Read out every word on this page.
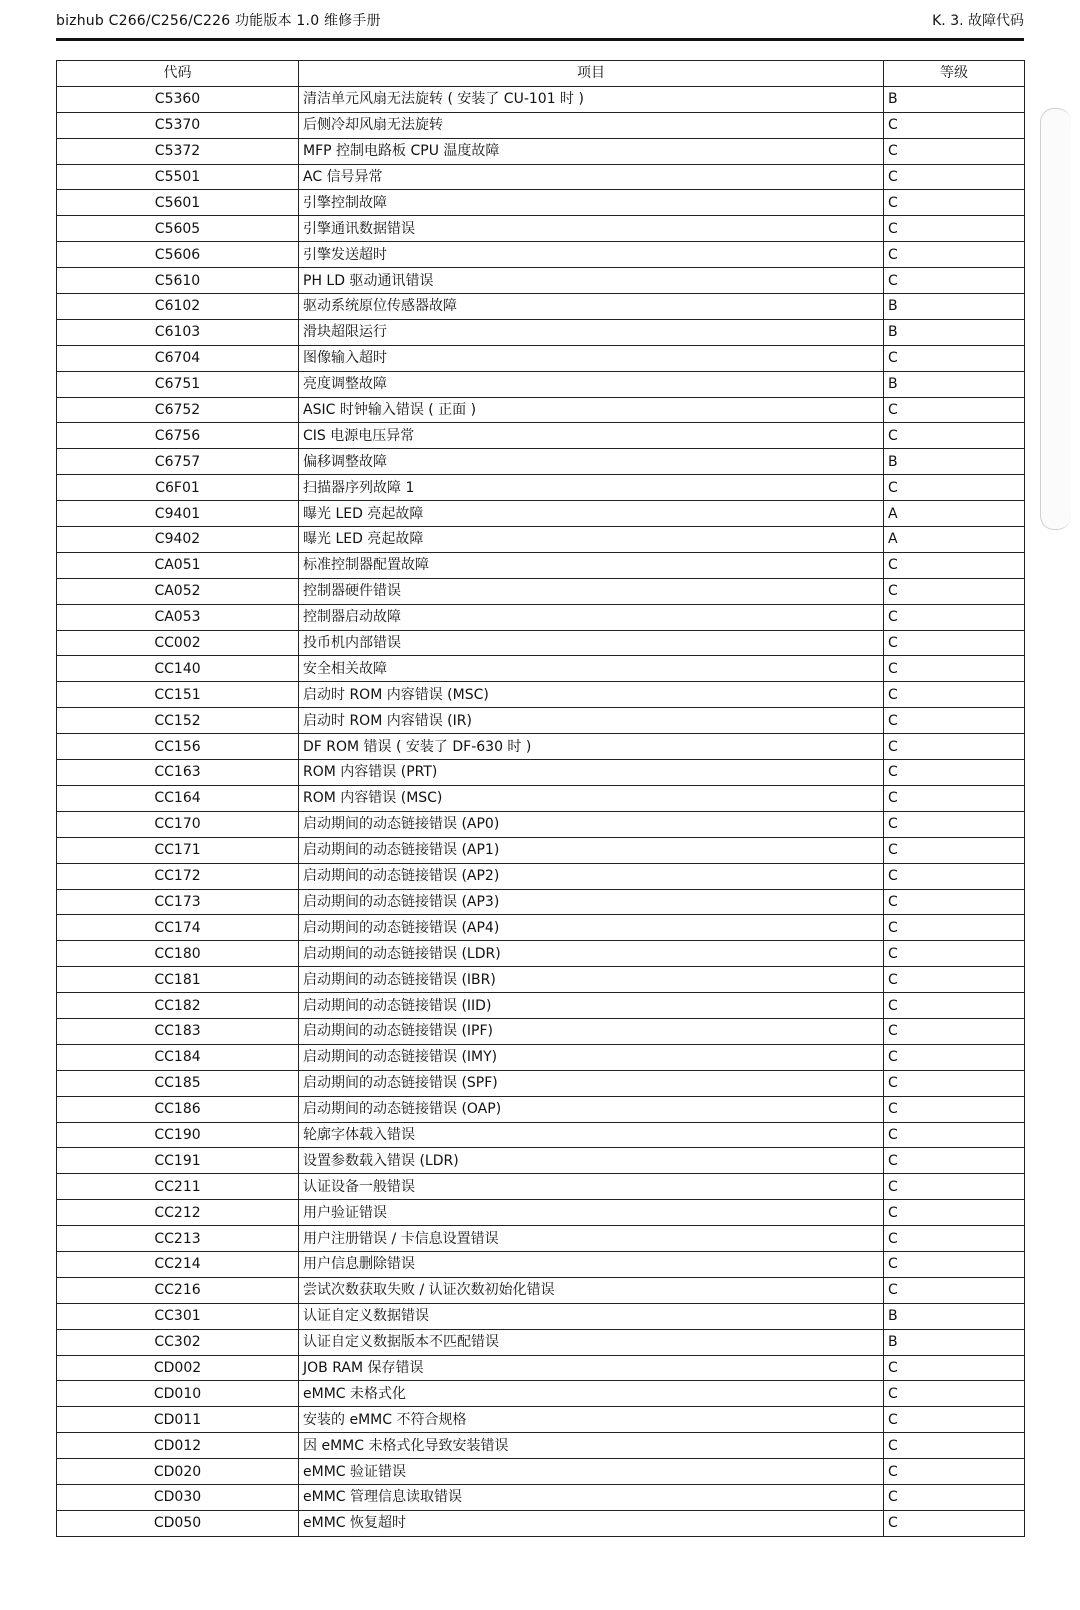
bizhub C266/C256/C226 功能版本 1.0 维修手册	K. 3. 故障代码
代码	项目	等级
C5360	清洁单元风扇无法旋转 ( 安装了 CU-101 时 )	B
C5370	后侧冷却风扇无法旋转	C
C5372	MFP 控制电路板 CPU 温度故障	C
C5501	AC 信号异常	C
C5601	引擎控制故障	C
C5605	引擎通讯数据错误	C
C5606	引擎发送超时	C
C5610	PH LD 驱动通讯错误	C
C6102	驱动系统原位传感器故障	B
C6103	滑块超限运行	B
C6704	图像输入超时	C
C6751	亮度调整故障	B
C6752	ASIC 时钟输入错误 ( 正面 )	C
C6756	CIS 电源电压异常	C
C6757	偏移调整故障	B
C6F01	扫描器序列故障 1	C
C9401	曝光 LED 亮起故障	A
C9402	曝光 LED 亮起故障	A
CA051	标准控制器配置故障	C
CA052	控制器硬件错误	C
CA053	控制器启动故障	C
CC002	投币机内部错误	C
CC140	安全相关故障	C
CC151	启动时 ROM 内容错误 (MSC)	C
CC152	启动时 ROM 内容错误 (IR)	C
CC156	DF ROM 错误 ( 安装了 DF-630 时 )	C
CC163	ROM 内容错误 (PRT)	C
CC164	ROM 内容错误 (MSC)	C
CC170	启动期间的动态链接错误 (AP0)	C
CC171	启动期间的动态链接错误 (AP1)	C
CC172	启动期间的动态链接错误 (AP2)	C
CC173	启动期间的动态链接错误 (AP3)	C
CC174	启动期间的动态链接错误 (AP4)	C
CC180	启动期间的动态链接错误 (LDR)	C
CC181	启动期间的动态链接错误 (IBR)	C
CC182	启动期间的动态链接错误 (IID)	C
CC183	启动期间的动态链接错误 (IPF)	C
CC184	启动期间的动态链接错误 (IMY)	C
CC185	启动期间的动态链接错误 (SPF)	C
CC186	启动期间的动态链接错误 (OAP)	C
CC190	轮廓字体载入错误	C
CC191	设置参数载入错误 (LDR)	C
CC211	认证设备一般错误	C
CC212	用户验证错误	C
CC213	用户注册错误 / 卡信息设置错误	C
CC214	用户信息删除错误	C
CC216	尝试次数获取失败 / 认证次数初始化错误	C
CC301	认证自定义数据错误	B
CC302	认证自定义数据版本不匹配错误	B
CD002	JOB RAM 保存错误	C
CD010	eMMC 未格式化	C
CD011	安装的 eMMC 不符合规格	C
CD012	因 eMMC 未格式化导致安装错误	C
CD020	eMMC 验证错误	C
CD030	eMMC 管理信息读取错误	C
CD050	eMMC 恢复超时	C
